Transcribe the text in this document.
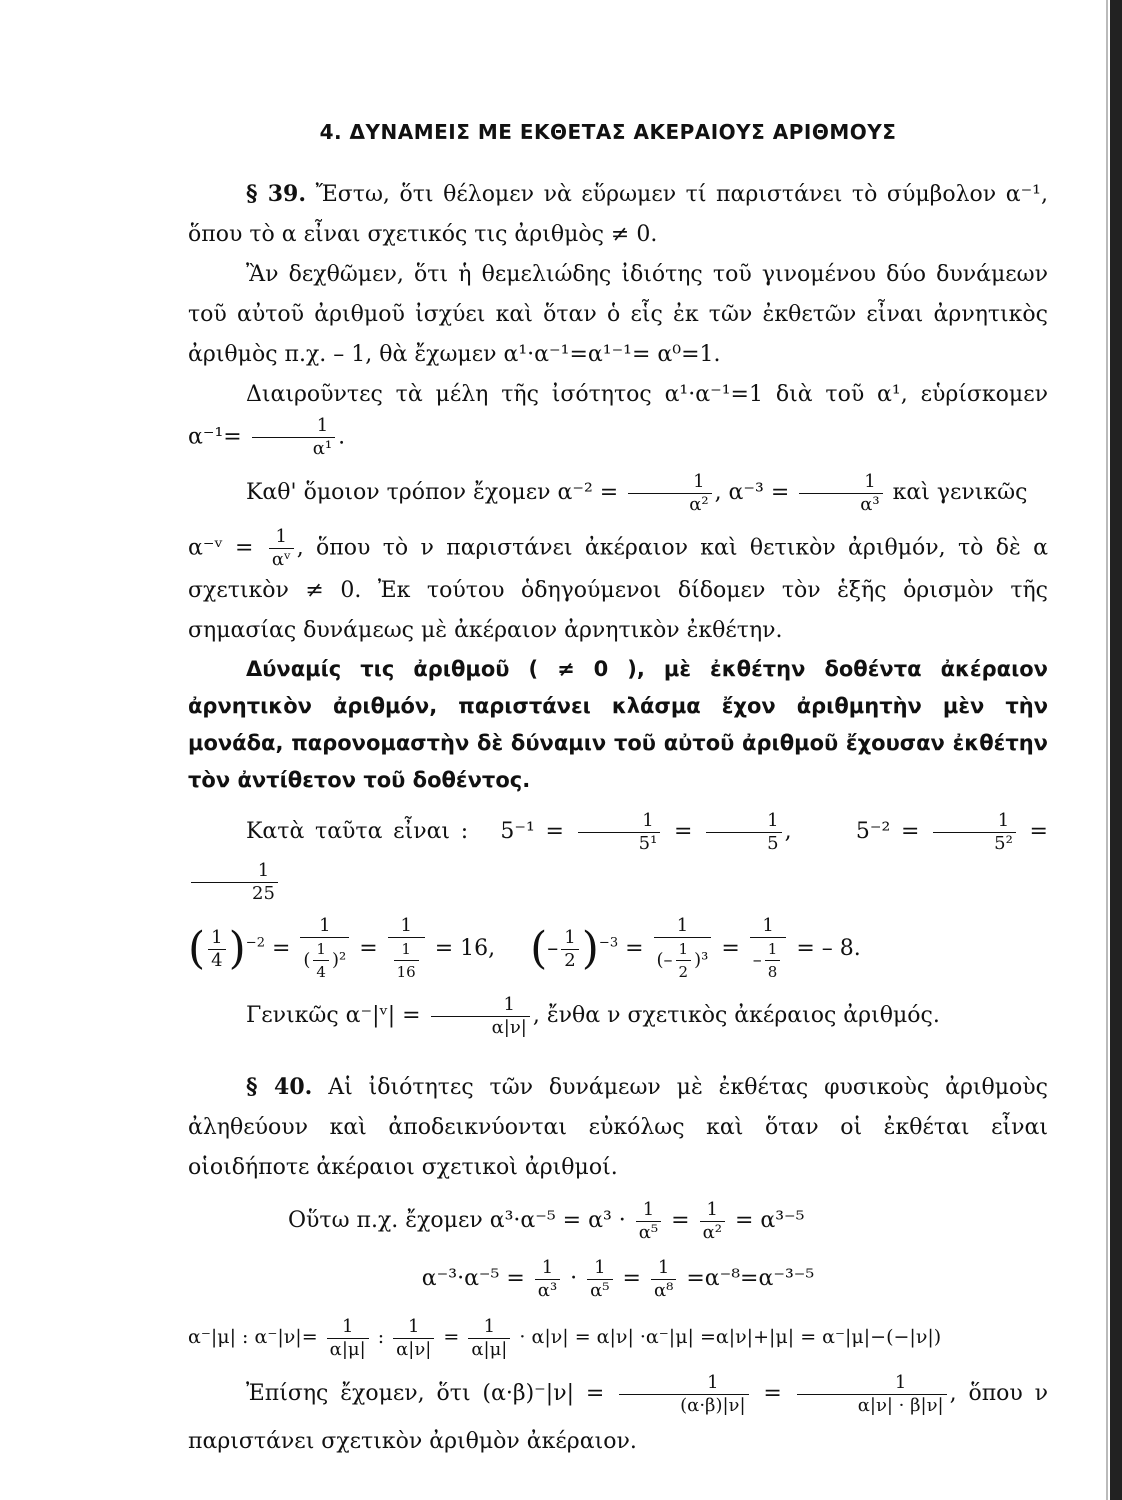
4. ΔΥΝΑΜΕΙΣ ΜΕ ΕΚΘΕΤΑΣ ΑΚΕΡΑΙΟΥΣ ΑΡΙΘΜΟΥΣ

§ 39. Ἔστω, ὅτι θέλομεν νὰ εὕρωμεν τί παριστάνει τὸ σύμβολον α⁻¹, ὅπου τὸ α εἶναι σχετικός τις ἀριθμὸς ≠ 0.

Ἂν δεχθῶμεν, ὅτι ἡ θεμελιώδης ἰδιότης τοῦ γινομένου δύο δυνάμεων τοῦ αὐτοῦ ἀριθμοῦ ἰσχύει καὶ ὅταν ὁ εἷς ἐκ τῶν ἐκθετῶν εἶναι ἀρνητικὸς ἀριθμὸς π.χ. – 1, θὰ ἔχωμεν α¹·α⁻¹=α¹⁻¹= α⁰=1.

Διαιροῦντες τὰ μέλη τῆς ἰσότητος α¹·α⁻¹=1 διὰ τοῦ α¹, εὑρίσκομεν $\alpha^{-1}= \frac{1}{\text{α¹}}$ .

Καθ' ὅμοιον τρόπον ἔχομεν $\alpha^{-2} = \frac{1}{\text{α²}}$ , $\alpha^{-3} = \frac{1}{\text{α³}}$ καὶ γενικῶς

α⁻ᵛ = $\frac{1}{\text{αᵛ}}$ , ὅπου τὸ ν παριστάνει ἀκέραιον καὶ θετικὸν ἀριθμόν, τὸ δὲ α σχετικὸν ≠ 0. Ἐκ τούτου ὁδηγούμενοι δίδομεν τὸν ἑξῆς ὁρισμὸν τῆς σημασίας δυνάμεως μὲ ἀκέραιον ἀρνητικὸν ἐκθέτην.

Δύναμίς τις ἀριθμοῦ ( ≠ 0 ), μὲ ἐκθέτην δοθέντα ἀκέραιον ἀρνητικὸν ἀριθμόν, παριστάνει κλάσμα ἔχον ἀριθμητὴν μὲν τὴν μονάδα, παρονομαστὴν δὲ δύναμιν τοῦ αὐτοῦ ἀριθμοῦ ἔχουσαν ἐκθέτην τὸν ἀντίθετον τοῦ δοθέντος.

Κατὰ ταῦτα εἶναι : $5^{-1} = \frac{1}{\text{5¹}} = \frac{1}{5}$ ,      $5^{-2} = \frac{1}{\text{5²}}$ =
$\frac{1}{25}$

( $\frac{1}{4} )^{-2} = \frac{1}{( \frac{1}{4} )^2} = \frac{1}{\frac{1}{16}} = 16$, (– $\frac{1}{2} )^{-3} = \frac{1}{(- \frac{1}{2} )^3} = \frac{1}{- \frac{1}{8}}$ = – 8.

Γενικῶς α⁻|ᵛ| = $\frac{1}{\alpha|\nu|}$ , ἔνθα ν σχετικὸς ἀκέραιος ἀριθμός.

§ 40. Αἱ ἰδιότητες τῶν δυνάμεων μὲ ἐκθέτας φυσικοὺς ἀριθμοὺς ἀληθεύουν καὶ ἀποδεικνύονται εὐκόλως καὶ ὅταν οἱ ἐκθέται εἶναι οἱοιδήποτε ἀκέραιοι σχετικοὶ ἀριθμοί.

Οὕτω π.χ. ἔχομεν $\alpha^3\cdot\alpha^{-5} = \alpha^3 \cdot \frac{1}{\text{α⁵}} = \frac{1}{\text{α²}} = \alpha^{3-5}$

$\alpha^{-3}\cdot\alpha^{-5} = \frac{1}{\text{α³}} \cdot \frac{1}{\text{α⁵}} = \frac{1}{\text{α⁸}} =\alpha^{-8}=\alpha^{-3-5}$

α⁻|μ| : $\alpha^-|\nu|= \frac{1}{\alpha|\mu|}$ : $\frac{1}{\alpha|\nu|} = \frac{1}{\alpha|\mu|} \cdot \alpha|\nu| = \alpha|\nu| \cdot\alpha^-|\mu| =\alpha|\nu|+|\mu| = \alpha^-|\mu|-(-|\nu|)$

Ἐπίσης ἔχομεν, ὅτι $(\alpha\cdot\beta)^-|\nu| = \frac{1}{(\alpha\cdot\beta)|\nu|} = \frac{1}{\alpha|\nu| \cdot \beta|\nu|}$ , ὅπου ν παριστάνει σχετικὸν ἀριθμὸν ἀκέραιον.
